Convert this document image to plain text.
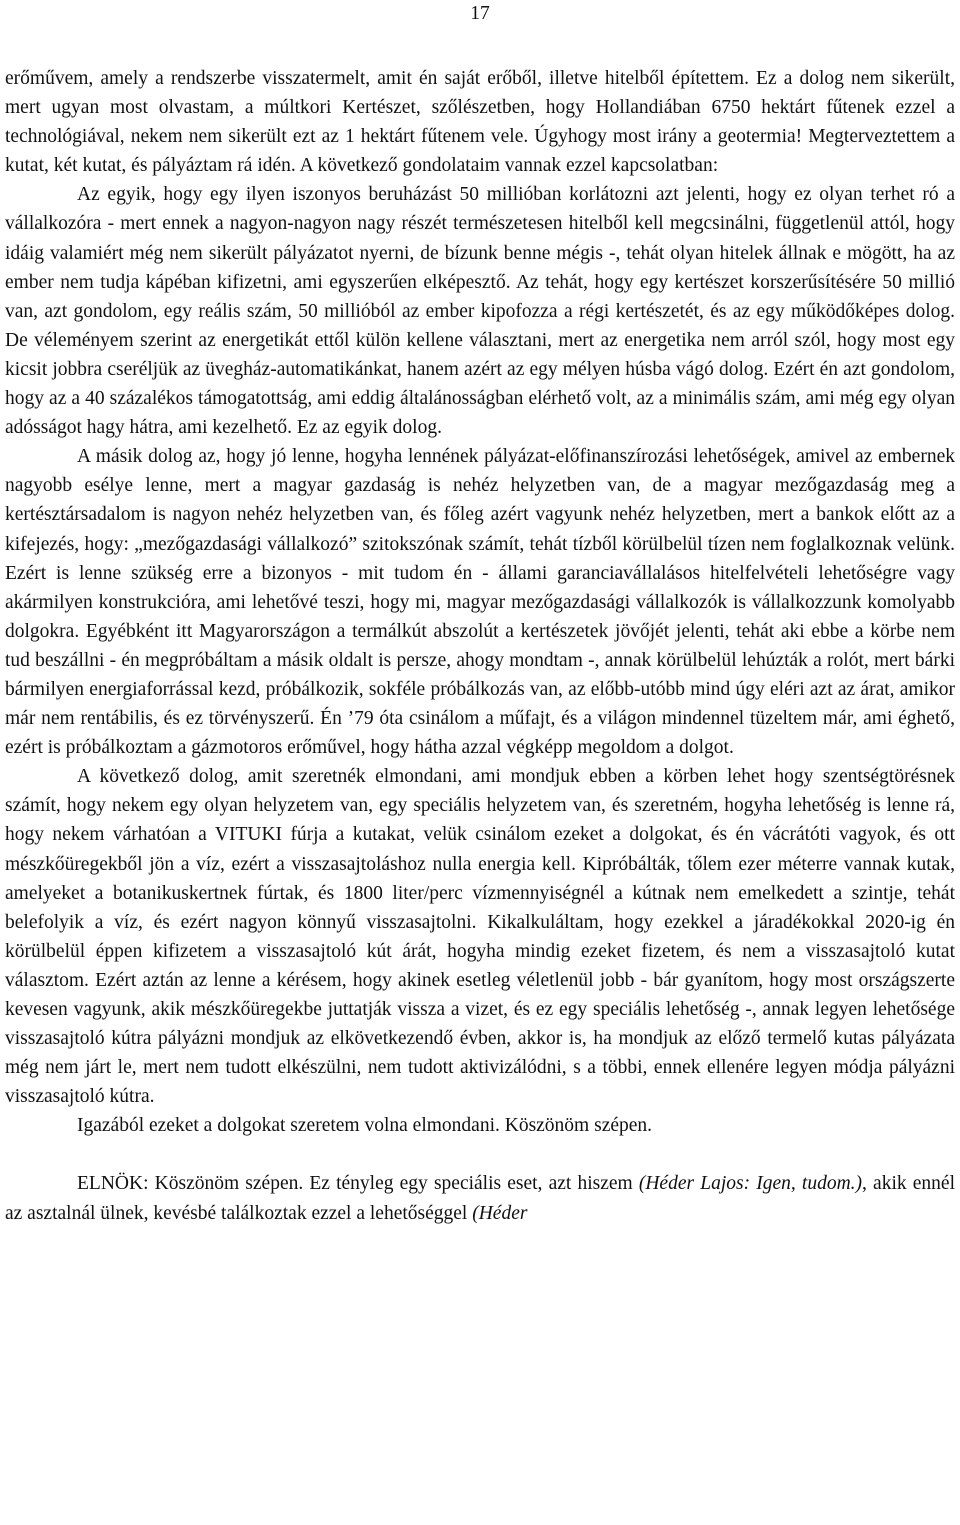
17

erőművem, amely a rendszerbe visszatermelt, amit én saját erőből, illetve hitelből építettem. Ez a dolog nem sikerült, mert ugyan most olvastam, a múltkori Kertészet, szőlészetben, hogy Hollandiában 6750 hektárt fűtenek ezzel a technológiával, nekem nem sikerült ezt az 1 hektárt fűtenem vele. Úgyhogy most irány a geotermia! Megterveztettem a kutat, két kutat, és pályáztam rá idén. A következő gondolataim vannak ezzel kapcsolatban:

Az egyik, hogy egy ilyen iszonyos beruházást 50 millióban korlátozni azt jelenti, hogy ez olyan terhet ró a vállalkozóra - mert ennek a nagyon-nagyon nagy részét természetesen hitelből kell megcsinálni, függetlenül attól, hogy idáig valamiért még nem sikerült pályázatot nyerni, de bízunk benne mégis -, tehát olyan hitelek állnak e mögött, ha az ember nem tudja kápéban kifizetni, ami egyszerűen elképesztő. Az tehát, hogy egy kertészet korszerűsítésére 50 millió van, azt gondolom, egy reális szám, 50 millióból az ember kipofozza a régi kertészetét, és az egy működőképes dolog. De véleményem szerint az energetikát ettől külön kellene választani, mert az energetika nem arról szól, hogy most egy kicsit jobbra cseréljük az üvegház-automatikánkat, hanem azért az egy mélyen húsba vágó dolog. Ezért én azt gondolom, hogy az a 40 százalékos támogatottság, ami eddig általánosságban elérhető volt, az a minimális szám, ami még egy olyan adósságot hagy hátra, ami kezelhető. Ez az egyik dolog.

A másik dolog az, hogy jó lenne, hogyha lennének pályázat-előfinanszírozási lehetőségek, amivel az embernek nagyobb esélye lenne, mert a magyar gazdaság is nehéz helyzetben van, de a magyar mezőgazdaság meg a kertésztársadalom is nagyon nehéz helyzetben van, és főleg azért vagyunk nehéz helyzetben, mert a bankok előtt az a kifejezés, hogy: „mezőgazdasági vállalkozó” szitokszónak számít, tehát tízből körülbelül tízen nem foglalkoznak velünk. Ezért is lenne szükség erre a bizonyos - mit tudom én - állami garanciavállalásos hitelfelvételi lehetőségre vagy akármilyen konstrukcióra, ami lehetővé teszi, hogy mi, magyar mezőgazdasági vállalkozók is vállalkozzunk komolyabb dolgokra. Egyébként itt Magyarországon a termálkút abszolút a kertészetek jövőjét jelenti, tehát aki ebbe a körbe nem tud beszállni - én megpróbáltam a másik oldalt is persze, ahogy mondtam -, annak körülbelül lehúzták a rolót, mert bárki bármilyen energiaforrással kezd, próbálkozik, sokféle próbálkozás van, az előbb-utóbb mind úgy eléri azt az árat, amikor már nem rentábilis, és ez törvényszerű. Én ’79 óta csinálom a műfajt, és a világon mindennel tüzeltem már, ami éghető, ezért is próbálkoztam a gázmotoros erőművel, hogy hátha azzal végképp megoldom a dolgot.

A következő dolog, amit szeretnék elmondani, ami mondjuk ebben a körben lehet hogy szentségtörésnek számít, hogy nekem egy olyan helyzetem van, egy speciális helyzetem van, és szeretném, hogyha lehetőség is lenne rá, hogy nekem várhatóan a VITUKI fúrja a kutakat, velük csinálom ezeket a dolgokat, és én vácrátóti vagyok, és ott mészkőüregekből jön a víz, ezért a visszasajtoláshoz nulla energia kell. Kipróbálták, tőlem ezer méterre vannak kutak, amelyeket a botanikuskertnek fúrtak, és 1800 liter/perc vízmennyiségnél a kútnak nem emelkedett a szintje, tehát belefolyik a víz, és ezért nagyon könnyű visszasajtolni. Kikalkuláltam, hogy ezekkel a járadékokkal 2020-ig én körülbelül éppen kifizetem a visszasajtoló kút árát, hogyha mindig ezeket fizetem, és nem a visszasajtoló kutat választom. Ezért aztán az lenne a kérésem, hogy akinek esetleg véletlenül jobb - bár gyanítom, hogy most országszerte kevesen vagyunk, akik mészkőüregekbe juttatják vissza a vizet, és ez egy speciális lehetőség -, annak legyen lehetősége visszasajtoló kútra pályázni mondjuk az elkövetkezendő évben, akkor is, ha mondjuk az előző termelő kutas pályázata még nem járt le, mert nem tudott elkészülni, nem tudott aktivizálódni, s a többi, ennek ellenére legyen módja pályázni visszasajtoló kútra.

Igazából ezeket a dolgokat szeretem volna elmondani. Köszönöm szépen.

ELNÖK: Köszönöm szépen. Ez tényleg egy speciális eset, azt hiszem (Héder Lajos: Igen, tudom.), akik ennél az asztalnál ülnek, kevésbé találkoztak ezzel a lehetőséggel (Héder
